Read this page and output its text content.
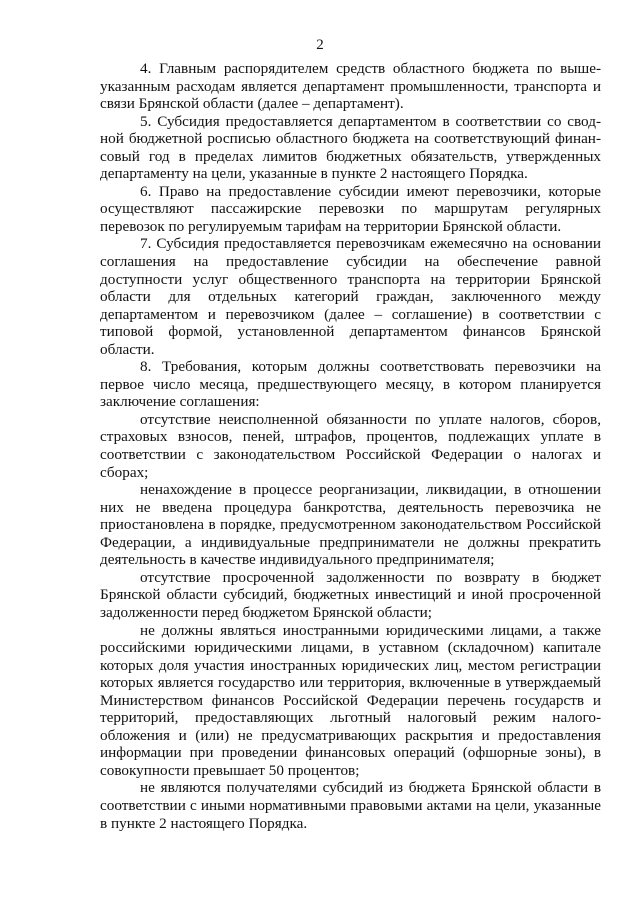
2

4. Главным распорядителем средств областного бюджета по вышеуказанным расходам является департамент промышленности, транспорта и связи Брянской области (далее – департамент).

5. Субсидия предоставляется департаментом в соответствии со сводной бюджетной росписью областного бюджета на соответствующий финансовый год в пределах лимитов бюджетных обязательств, утвержденных департаменту на цели, указанные в пункте 2 настоящего Порядка.

6. Право на предоставление субсидии имеют перевозчики, которые осуществляют пассажирские перевозки по маршрутам регулярных перевозок по регулируемым тарифам на территории Брянской области.

7. Субсидия предоставляется перевозчикам ежемесячно на основании соглашения на предоставление субсидии на обеспечение равной доступности услуг общественного транспорта на территории Брянской области для отдельных категорий граждан, заключенного между департаментом и перевозчиком (далее – соглашение) в соответствии с типовой формой, установленной департаментом финансов Брянской области.

8. Требования, которым должны соответствовать перевозчики на первое число месяца, предшествующего месяцу, в котором планируется заключение соглашения:

отсутствие неисполненной обязанности по уплате налогов, сборов, страховых взносов, пеней, штрафов, процентов, подлежащих уплате в соответствии с законодательством Российской Федерации о налогах и сборах;

ненахождение в процессе реорганизации, ликвидации, в отношении них не введена процедура банкротства, деятельность перевозчика не приостановлена в порядке, предусмотренном законодательством Российской Федерации, а индивидуальные предприниматели не должны прекратить деятельность в качестве индивидуального предпринимателя;

отсутствие просроченной задолженности по возврату в бюджет Брянской области субсидий, бюджетных инвестиций и иной просроченной задолженности перед бюджетом Брянской области;

не должны являться иностранными юридическими лицами, а также российскими юридическими лицами, в уставном (складочном) капитале которых доля участия иностранных юридических лиц, местом регистрации которых является государство или территория, включенные в утверждаемый Министерством финансов Российской Федерации перечень государств и территорий, предоставляющих льготный налоговый режим налогообложения и (или) не предусматривающих раскрытия и предоставления информации при проведении финансовых операций (офшорные зоны), в совокупности превышает 50 процентов;

не являются получателями субсидий из бюджета Брянской области в соответствии с иными нормативными правовыми актами на цели, указанные в пункте 2 настоящего Порядка.
